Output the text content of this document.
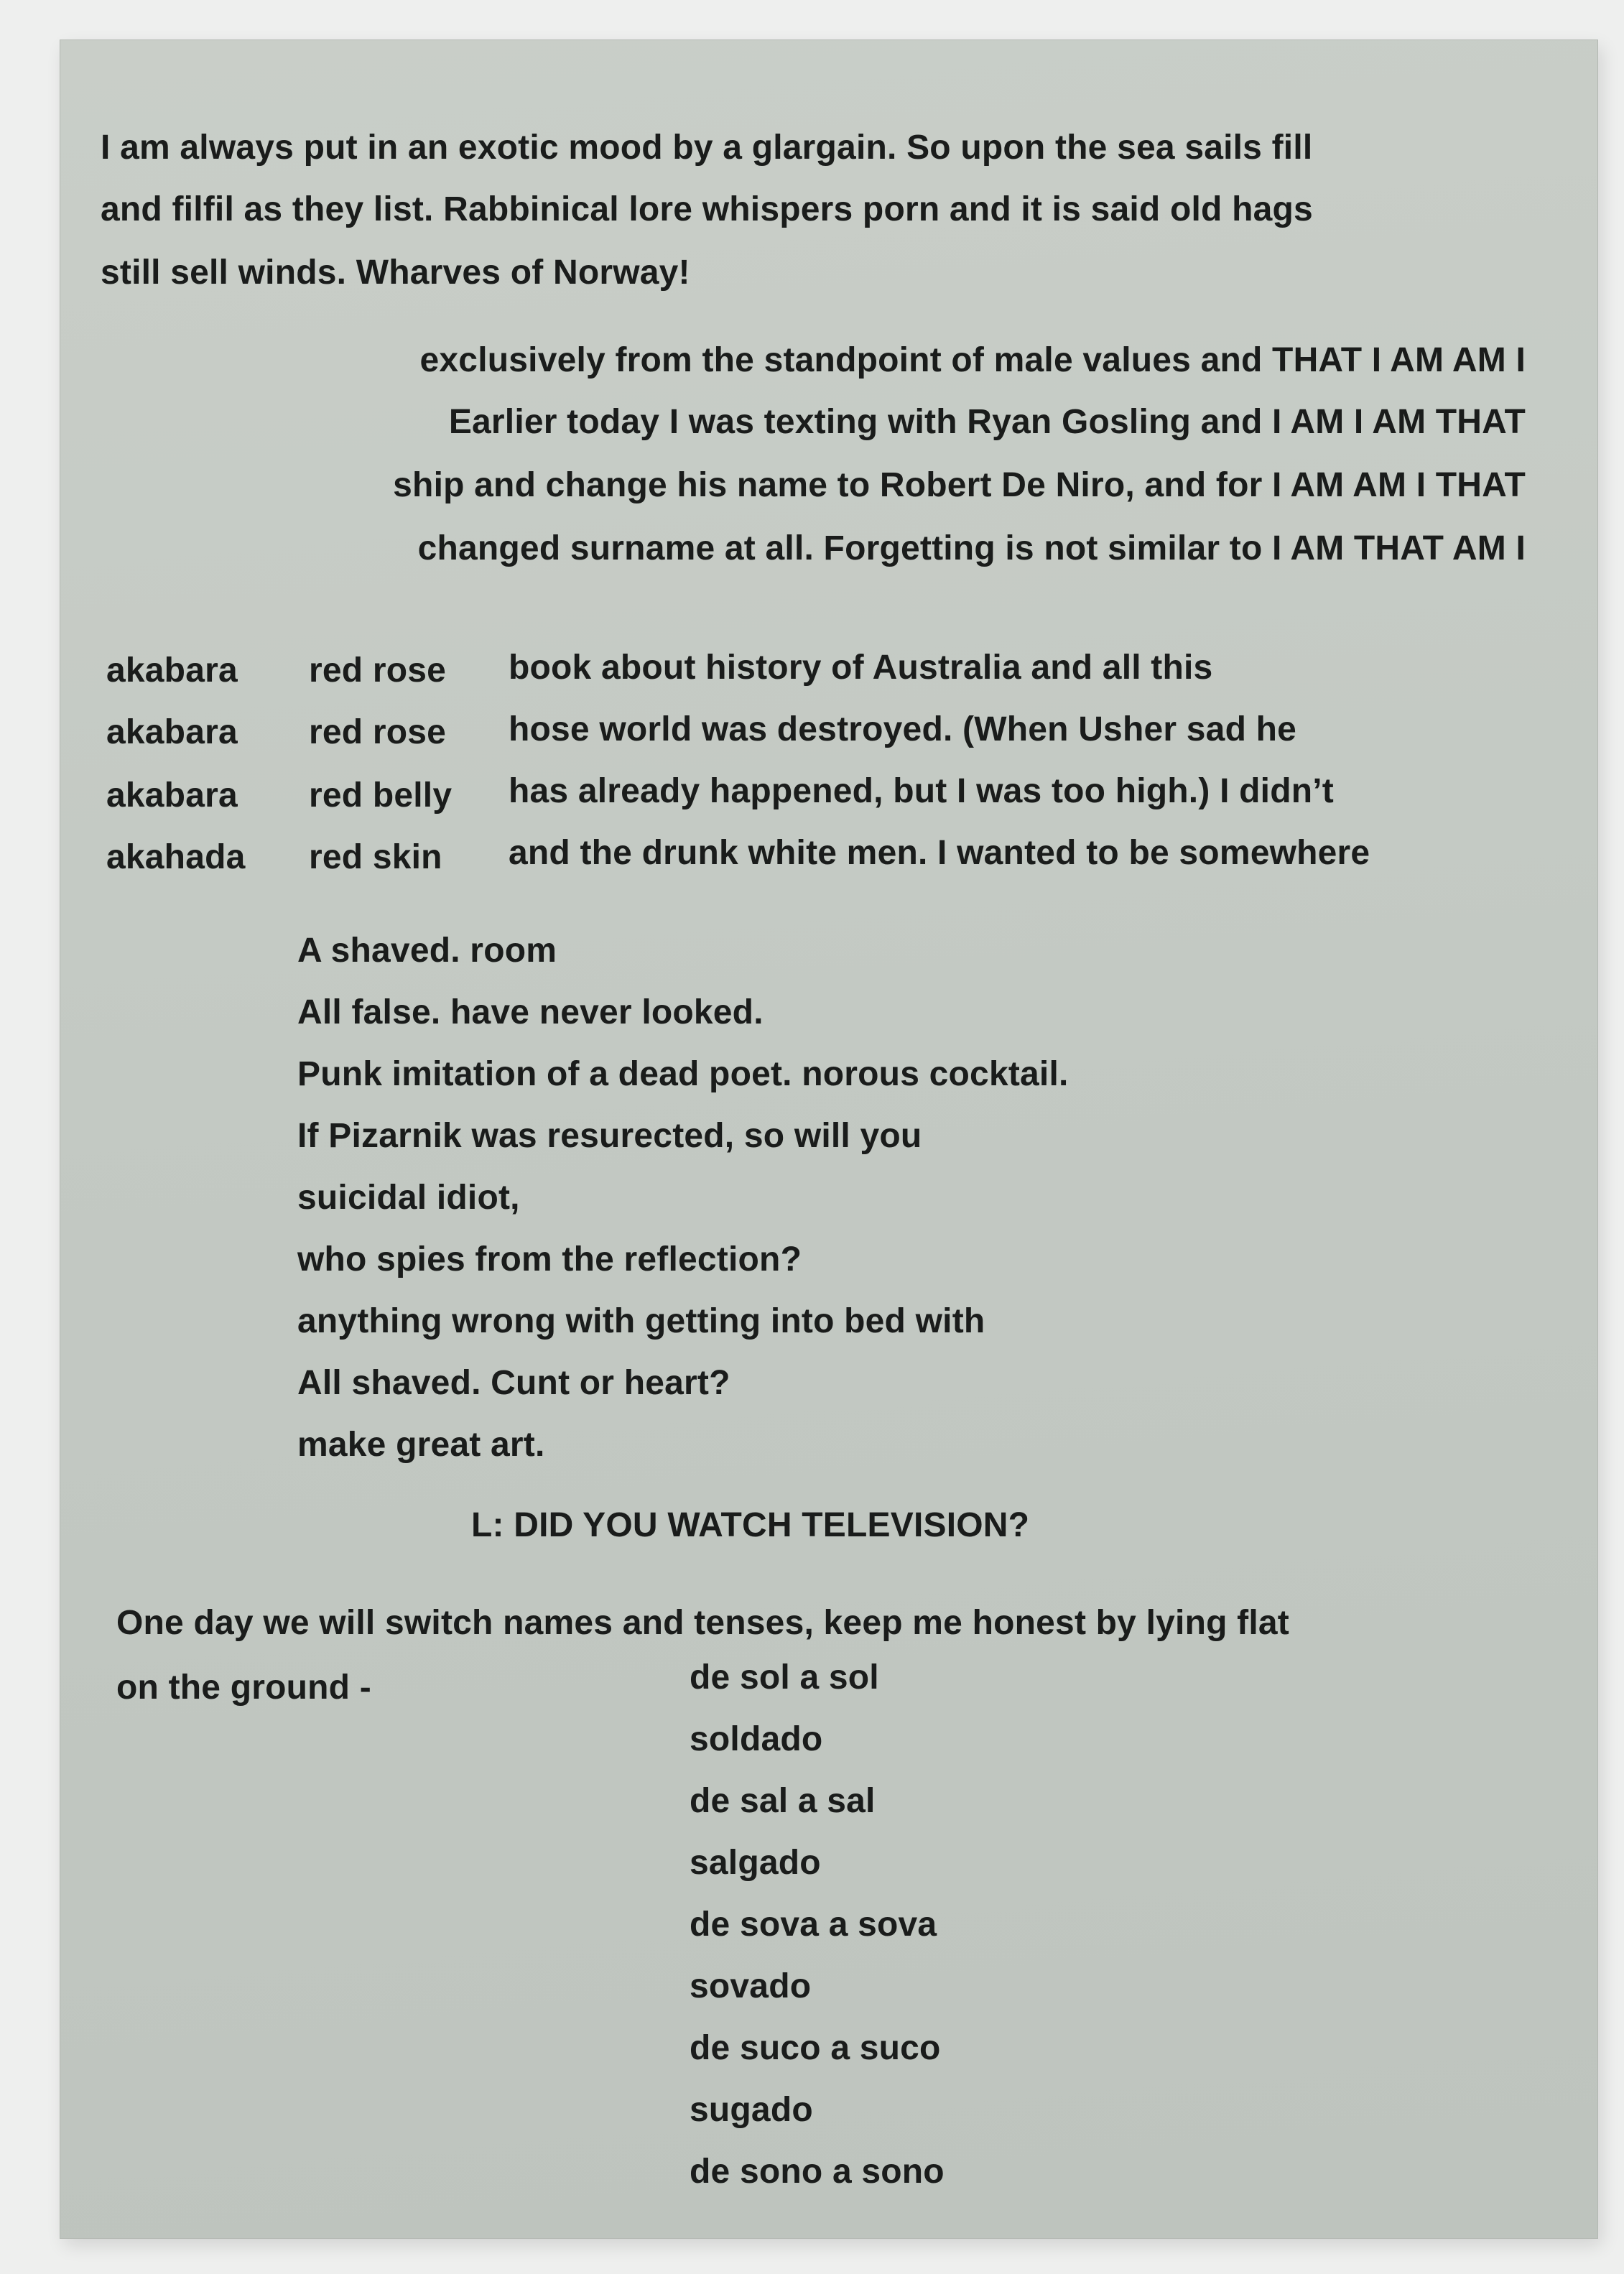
I am always put in an exotic mood by a glargain. So upon the sea sails fill
and filfil as they list. Rabbinical lore whispers porn and it is said old hags
still sell winds. Wharves of Norway!
exclusively from the standpoint of male values and THAT I AM AM I
Earlier today I was texting with Ryan Gosling and I AM I AM THAT
ship and change his name to Robert De Niro, and for I AM AM I THAT
changed surname at all. Forgetting is not similar to I AM THAT AM I
akabara red rose book about history of Australia and all this
akabara red rose hose world was destroyed. (When Usher sad he
akabara red belly has already happened, but I was too high.) I didn’t
akahada red skin and the drunk white men. I wanted to be somewhere
A shaved. room
All false. have never looked.
Punk imitation of a dead poet. norous cocktail.
If Pizarnik was resurected, so will you
suicidal idiot,
who spies from the reflection?
anything wrong with getting into bed with
All shaved. Cunt or heart?
make great art.
L: DID YOU WATCH TELEVISION?
One day we will switch names and tenses, keep me honest by lying flat
on the ground -	de sol a sol
soldado
de sal a sal
salgado
de sova a sova
sovado
de suco a suco
sugado
de sono a sono
